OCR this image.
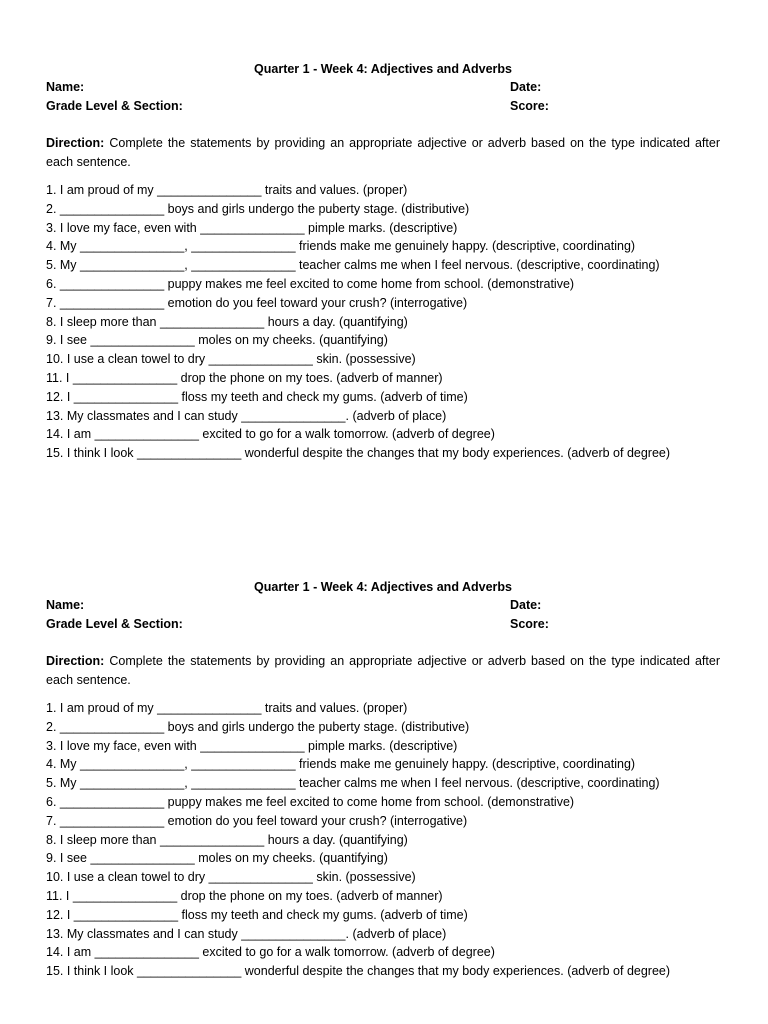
Quarter 1 - Week 4: Adjectives and Adverbs
Name:	Date:
Grade Level & Section:	Score:
Direction: Complete the statements by providing an appropriate adjective or adverb based on the type indicated after each sentence.
1. I am proud of my _______________ traits and values. (proper)
2. _______________ boys and girls undergo the puberty stage. (distributive)
3. I love my face, even with _______________ pimple marks. (descriptive)
4. My _______________, _______________ friends make me genuinely happy. (descriptive, coordinating)
5. My _______________, _______________ teacher calms me when I feel nervous. (descriptive, coordinating)
6. _______________ puppy makes me feel excited to come home from school. (demonstrative)
7. _______________ emotion do you feel toward your crush? (interrogative)
8. I sleep more than _______________ hours a day. (quantifying)
9. I see _______________ moles on my cheeks. (quantifying)
10. I use a clean towel to dry _______________ skin. (possessive)
11. I _______________ drop the phone on my toes. (adverb of manner)
12. I _______________ floss my teeth and check my gums. (adverb of time)
13. My classmates and I can study _______________. (adverb of place)
14. I am _______________ excited to go for a walk tomorrow. (adverb of degree)
15. I think I look _______________ wonderful despite the changes that my body experiences. (adverb of degree)
Quarter 1 - Week 4: Adjectives and Adverbs
Name:	Date:
Grade Level & Section:	Score:
Direction: Complete the statements by providing an appropriate adjective or adverb based on the type indicated after each sentence.
1. I am proud of my _______________ traits and values. (proper)
2. _______________ boys and girls undergo the puberty stage. (distributive)
3. I love my face, even with _______________ pimple marks. (descriptive)
4. My _______________, _______________ friends make me genuinely happy. (descriptive, coordinating)
5. My _______________, _______________ teacher calms me when I feel nervous. (descriptive, coordinating)
6. _______________ puppy makes me feel excited to come home from school. (demonstrative)
7. _______________ emotion do you feel toward your crush? (interrogative)
8. I sleep more than _______________ hours a day. (quantifying)
9. I see _______________ moles on my cheeks. (quantifying)
10. I use a clean towel to dry _______________ skin. (possessive)
11. I _______________ drop the phone on my toes. (adverb of manner)
12. I _______________ floss my teeth and check my gums. (adverb of time)
13. My classmates and I can study _______________. (adverb of place)
14. I am _______________ excited to go for a walk tomorrow. (adverb of degree)
15. I think I look _______________ wonderful despite the changes that my body experiences. (adverb of degree)
